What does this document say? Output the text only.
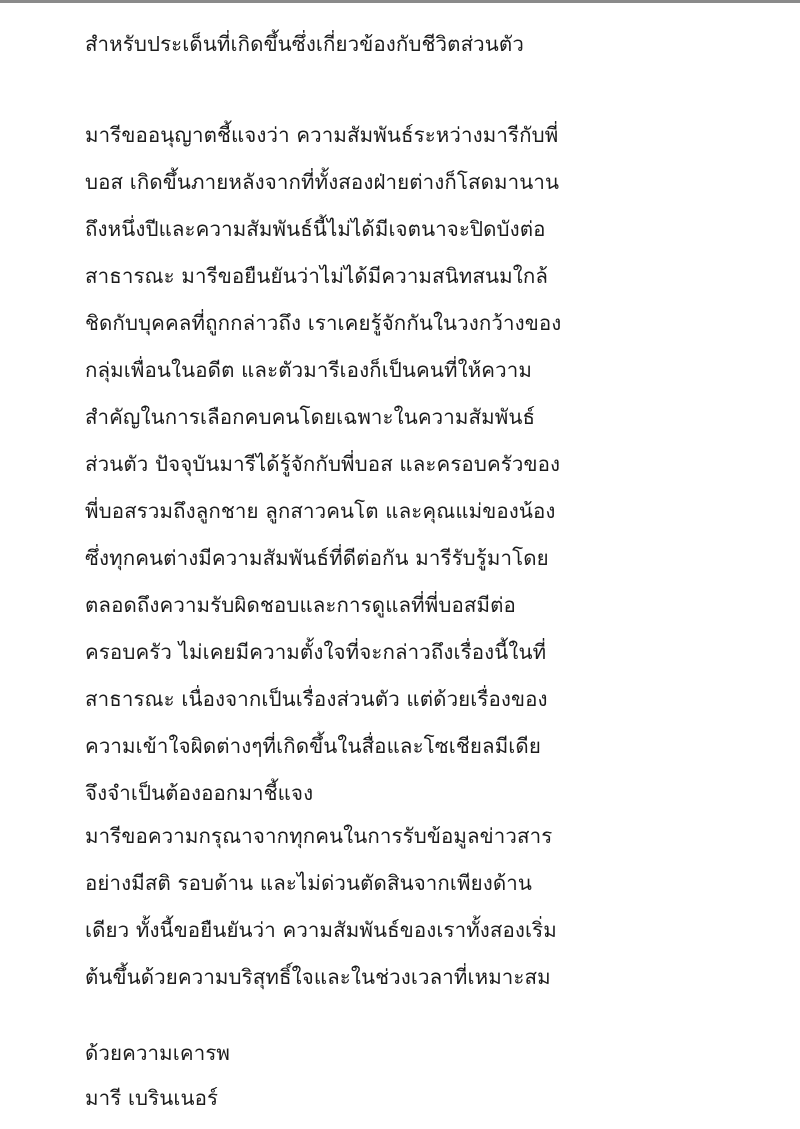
สำหรับประเด็นที่เกิดขึ้นซึ่งเกี่ยวข้องกับชีวิตส่วนตัว
มารีขออนุญาตชี้แจงว่า ความสัมพันธ์ระหว่างมารีกับพี่
บอส เกิดขึ้นภายหลังจากที่ทั้งสองฝ่ายต่างก็โสดมานาน
ถึงหนึ่งปีและความสัมพันธ์นี้ไม่ได้มีเจตนาจะปิดบังต่อ
สาธารณะ มารีขอยืนยันว่าไม่ได้มีความสนิทสนมใกล้
ชิดกับบุคคลที่ถูกกล่าวถึง เราเคยรู้จักกันในวงกว้างของ
กลุ่มเพื่อนในอดีต และตัวมารีเองก็เป็นคนที่ให้ความ
สำคัญในการเลือกคบคนโดยเฉพาะในความสัมพันธ์
ส่วนตัว ปัจจุบันมารีได้รู้จักกับพี่บอส และครอบครัวของ
พี่บอสรวมถึงลูกชาย ลูกสาวคนโต และคุณแม่ของน้อง
ซึ่งทุกคนต่างมีความสัมพันธ์ที่ดีต่อกัน มารีรับรู้มาโดย
ตลอดถึงความรับผิดชอบและการดูแลที่พี่บอสมีต่อ
ครอบครัว ไม่เคยมีความตั้งใจที่จะกล่าวถึงเรื่องนี้ในที่
สาธารณะ เนื่องจากเป็นเรื่องส่วนตัว แต่ด้วยเรื่องของ
ความเข้าใจผิดต่างๆที่เกิดขึ้นในสื่อและโซเชียลมีเดีย
จึงจำเป็นต้องออกมาชี้แจง
มารีขอความกรุณาจากทุกคนในการรับข้อมูลข่าวสาร
อย่างมีสติ รอบด้าน และไม่ด่วนตัดสินจากเพียงด้าน
เดียว ทั้งนี้ขอยืนยันว่า ความสัมพันธ์ของเราทั้งสองเริ่ม
ต้นขึ้นด้วยความบริสุทธิ์ใจและในช่วงเวลาที่เหมาะสม
ด้วยความเคารพ
มารี เบรินเนอร์
